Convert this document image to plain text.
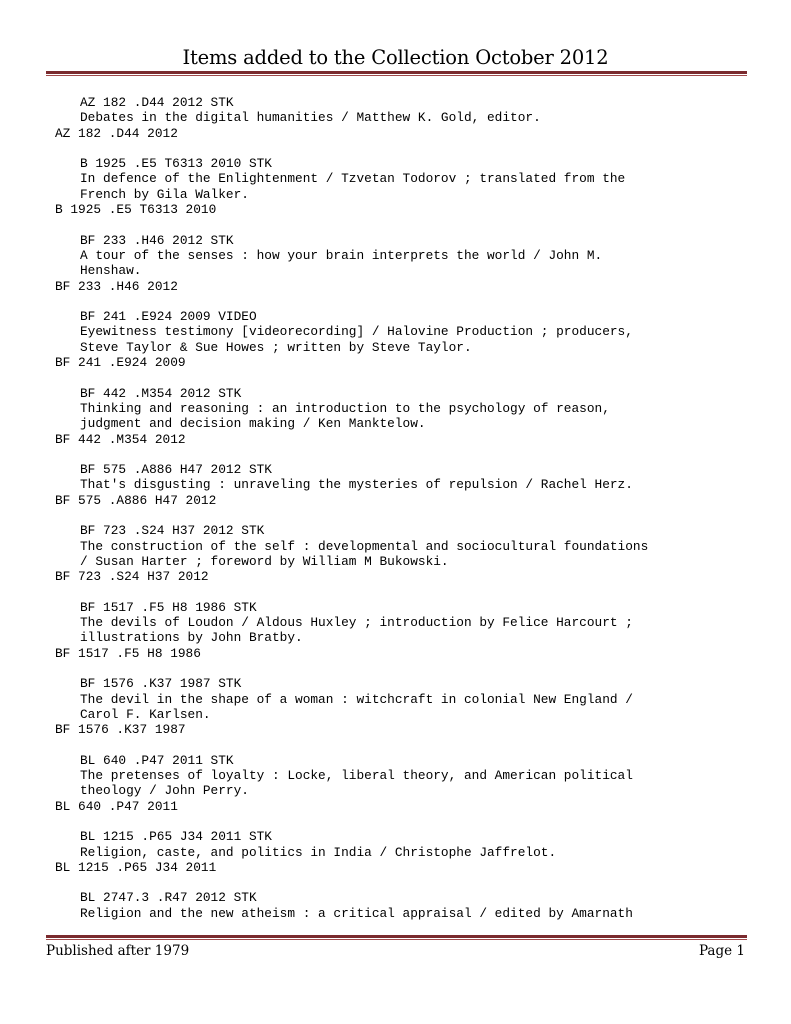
Items added to the Collection October 2012
AZ 182 .D44 2012 STK
Debates in the digital humanities / Matthew K. Gold, editor.
AZ 182 .D44 2012
B 1925 .E5 T6313 2010 STK
In defence of the Enlightenment / Tzvetan Todorov ; translated from the
French by Gila Walker.
B 1925 .E5 T6313 2010
BF 233 .H46 2012 STK
A tour of the senses : how your brain interprets the world / John M.
Henshaw.
BF 233 .H46 2012
BF 241 .E924 2009 VIDEO
Eyewitness testimony [videorecording] / Halovine Production ; producers,
Steve Taylor & Sue Howes ; written by Steve Taylor.
BF 241 .E924 2009
BF 442 .M354 2012 STK
Thinking and reasoning : an introduction to the psychology of reason,
judgment and decision making / Ken Manktelow.
BF 442 .M354 2012
BF 575 .A886 H47 2012 STK
That's disgusting : unraveling the mysteries of repulsion / Rachel Herz.
BF 575 .A886 H47 2012
BF 723 .S24 H37 2012 STK
The construction of the self : developmental and sociocultural foundations
/ Susan Harter ; foreword by William M Bukowski.
BF 723 .S24 H37 2012
BF 1517 .F5 H8 1986 STK
The devils of Loudon / Aldous Huxley ; introduction by Felice Harcourt ;
illustrations by John Bratby.
BF 1517 .F5 H8 1986
BF 1576 .K37 1987 STK
The devil in the shape of a woman : witchcraft in colonial New England /
Carol F. Karlsen.
BF 1576 .K37 1987
BL 640 .P47 2011 STK
The pretenses of loyalty : Locke, liberal theory, and American political
theology / John Perry.
BL 640 .P47 2011
BL 1215 .P65 J34 2011 STK
Religion, caste, and politics in India / Christophe Jaffrelot.
BL 1215 .P65 J34 2011
BL 2747.3 .R47 2012 STK
Religion and the new atheism : a critical appraisal / edited by Amarnath
Published after 1979	Page 1
